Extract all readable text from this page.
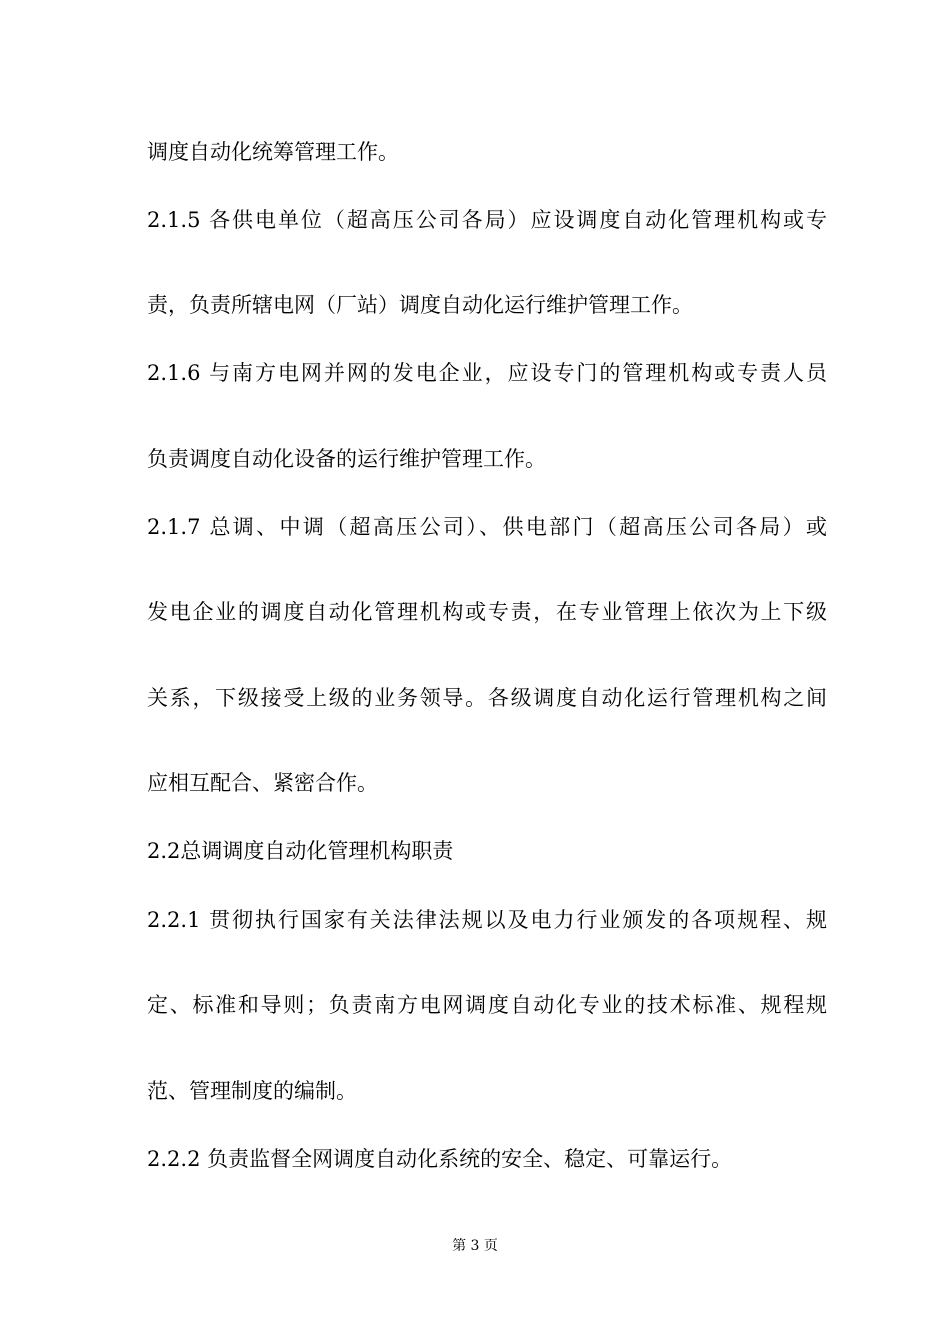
调度自动化统筹管理工作。
2.1.5 各供电单位（超高压公司各局）应设调度自动化管理机构或专
责，负责所辖电网（厂站）调度自动化运行维护管理工作。
2.1.6 与南方电网并网的发电企业，应设专门的管理机构或专责人员
负责调度自动化设备的运行维护管理工作。
2.1.7 总调、中调（超高压公司）、供电部门（超高压公司各局）或
发电企业的调度自动化管理机构或专责，在专业管理上依次为上下级
关系，下级接受上级的业务领导。各级调度自动化运行管理机构之间
应相互配合、紧密合作。
2.2总调调度自动化管理机构职责
2.2.1 贯彻执行国家有关法律法规以及电力行业颁发的各项规程、规
定、标准和导则；负责南方电网调度自动化专业的技术标准、规程规
范、管理制度的编制。
2.2.2 负责监督全网调度自动化系统的安全、稳定、可靠运行。
第 3 页
